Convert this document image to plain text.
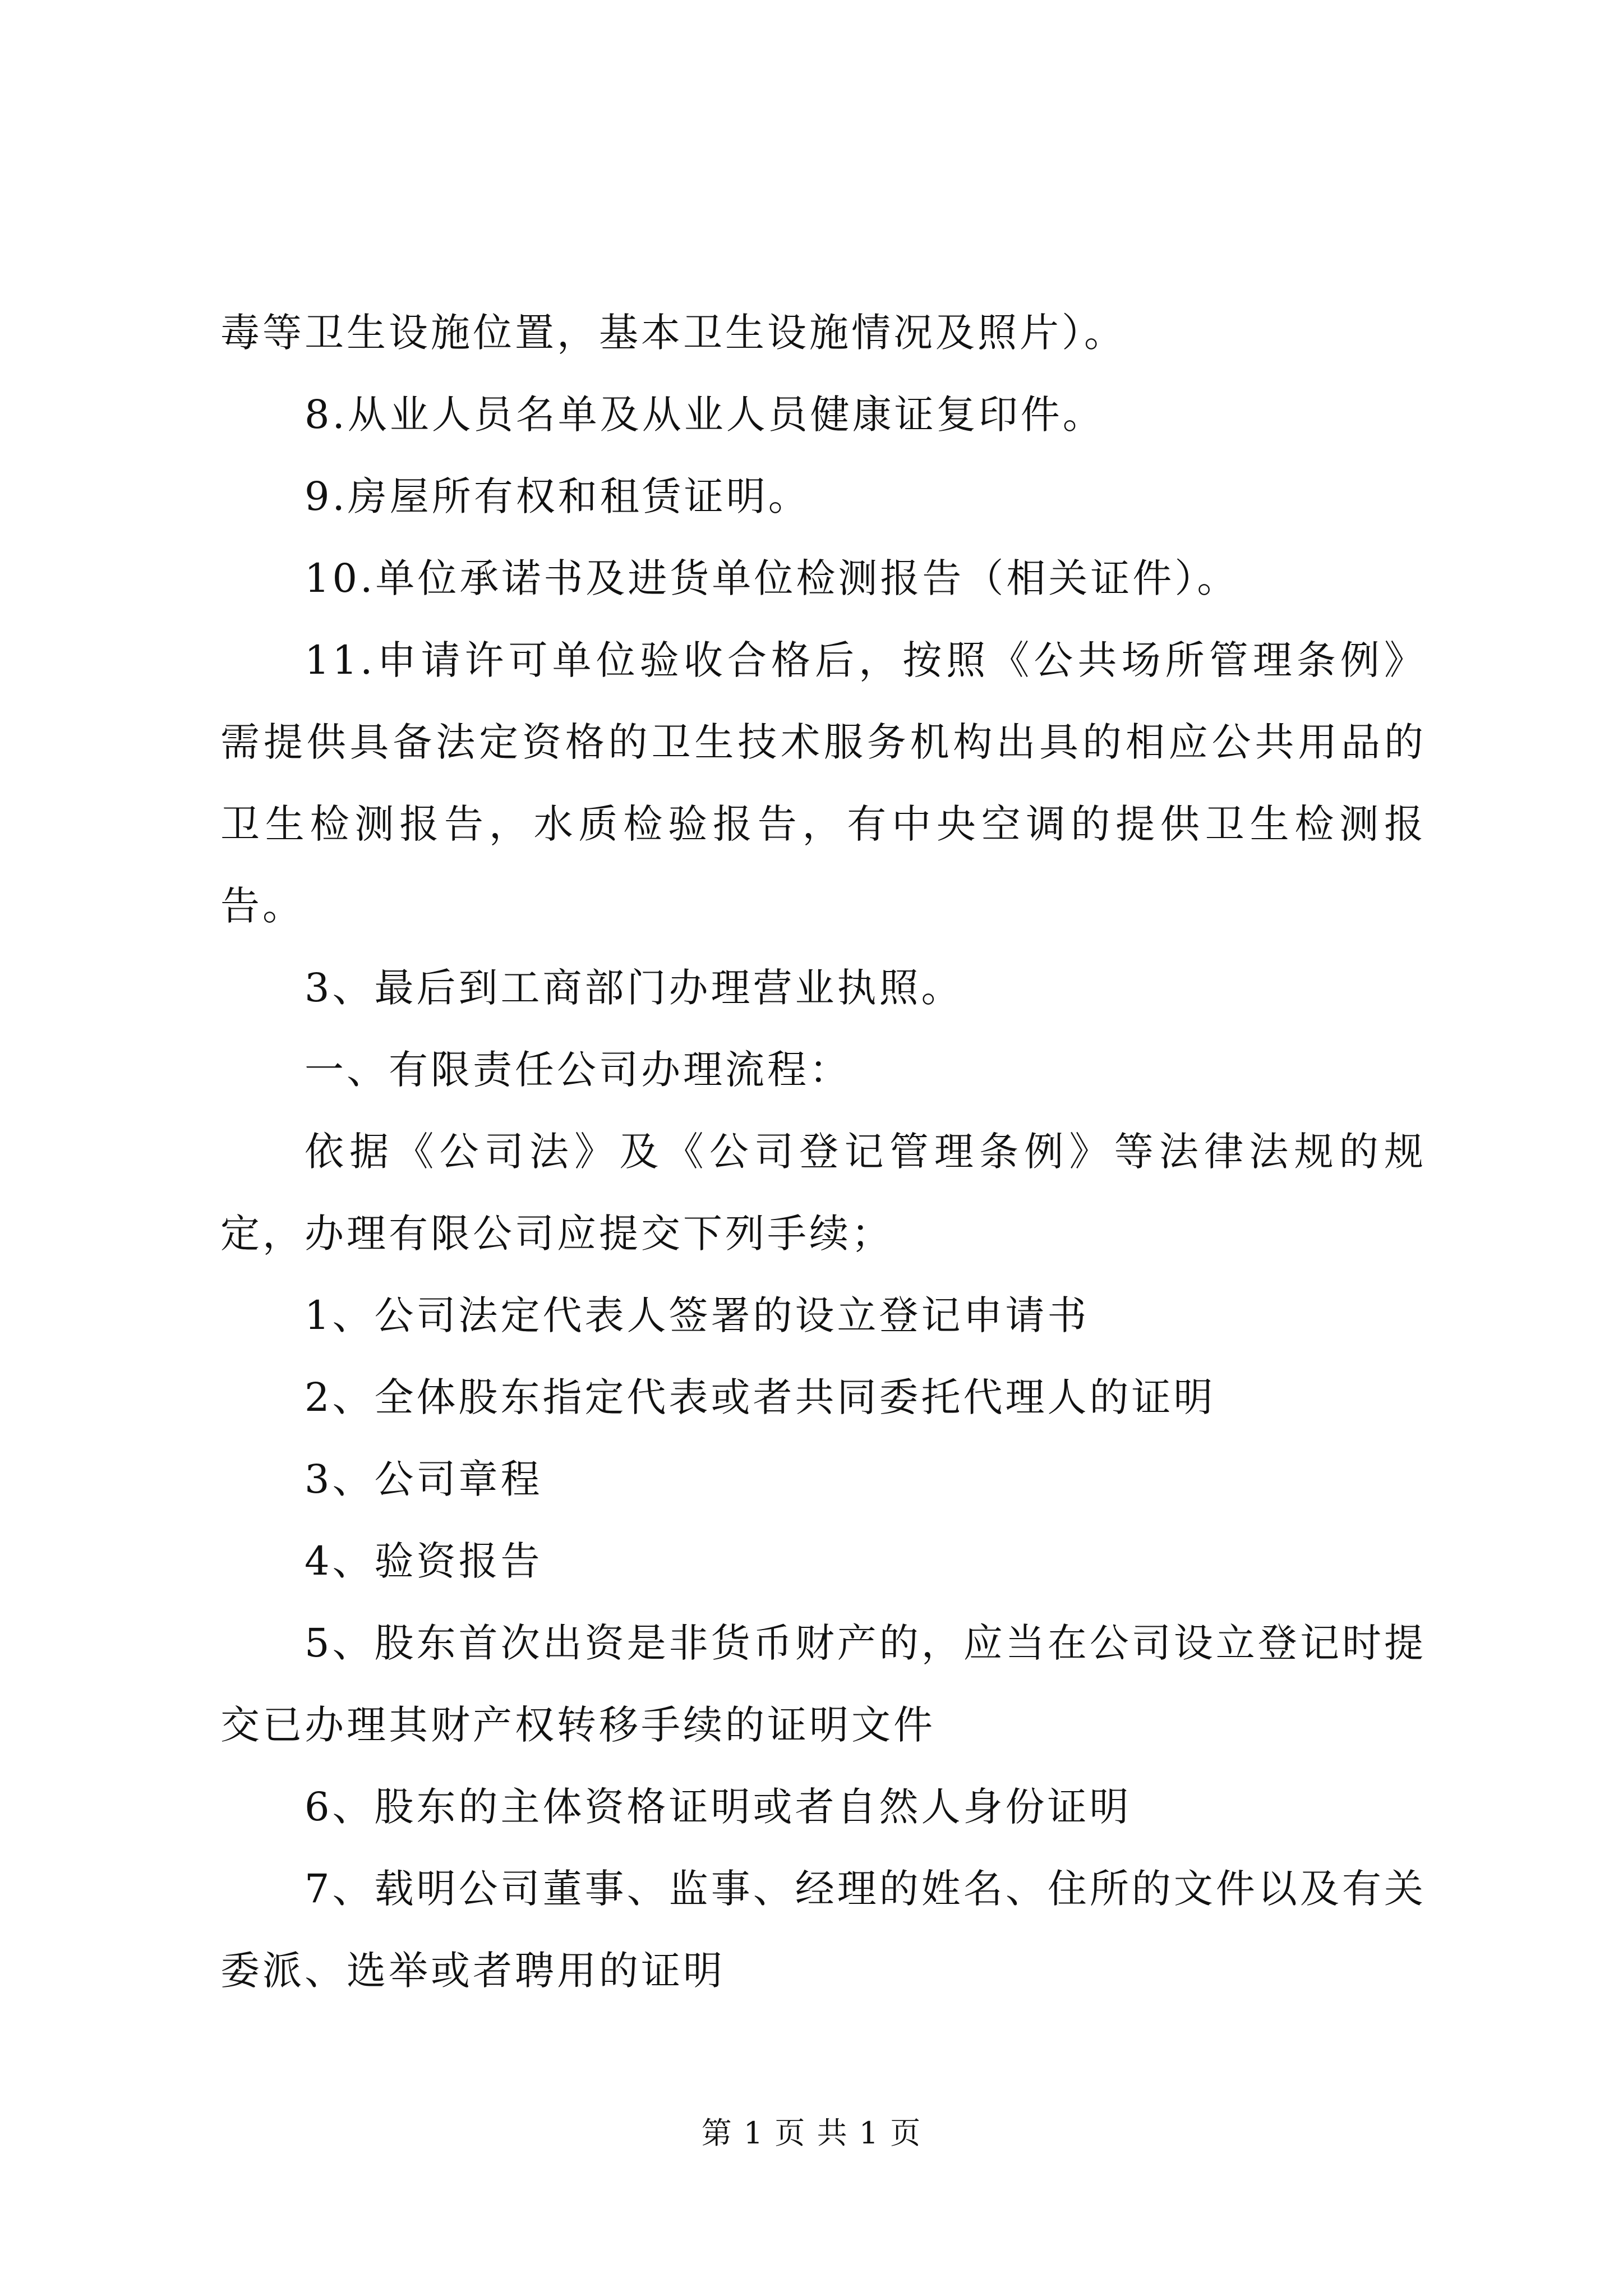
毒等卫生设施位置，基本卫生设施情况及照片）。

8.从业人员名单及从业人员健康证复印件。

9.房屋所有权和租赁证明。

10.单位承诺书及进货单位检测报告（相关证件）。

11.申请许可单位验收合格后，按照《公共场所管理条例》需提供具备法定资格的卫生技术服务机构出具的相应公共用品的卫生检测报告，水质检验报告，有中央空调的提供卫生检测报告。

3、最后到工商部门办理营业执照。

一、有限责任公司办理流程：

依据《公司法》及《公司登记管理条例》等法律法规的规定，办理有限公司应提交下列手续；

1、公司法定代表人签署的设立登记申请书

2、全体股东指定代表或者共同委托代理人的证明

3、公司章程

4、验资报告

5、股东首次出资是非货币财产的，应当在公司设立登记时提交已办理其财产权转移手续的证明文件

6、股东的主体资格证明或者自然人身份证明

7、载明公司董事、监事、经理的姓名、住所的文件以及有关委派、选举或者聘用的证明

第 1 页 共 1 页
